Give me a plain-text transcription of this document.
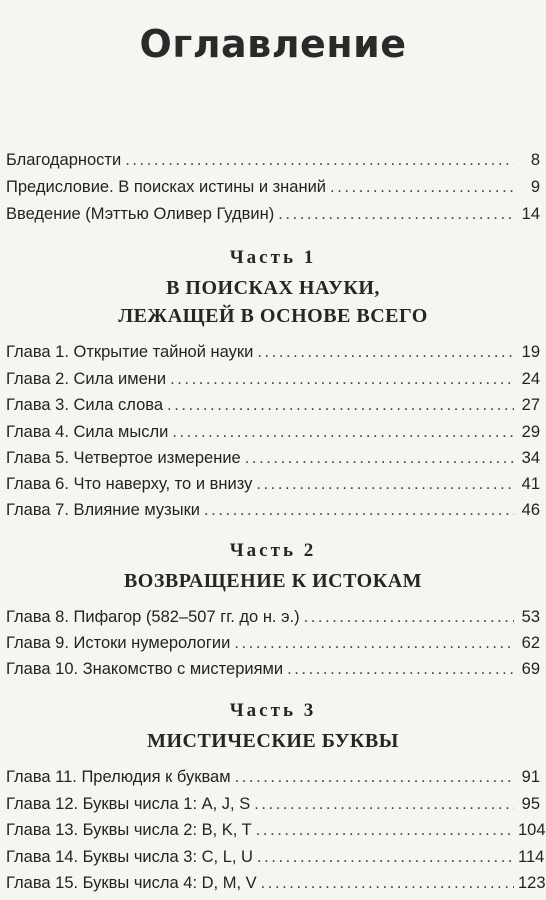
Оглавление
Благодарности . . .	8
Предисловие. В поисках истины и знаний . . .	9
Введение (Мэттью Оливер Гудвин) . . .	14
Часть 1
В ПОИСКАХ НАУКИ,
ЛЕЖАЩЕЙ В ОСНОВЕ ВСЕГО
Глава 1. Открытие тайной науки . . .	19
Глава 2. Сила имени . . .	24
Глава 3. Сила слова . . .	27
Глава 4. Сила мысли . . .	29
Глава 5. Четвертое измерение . . .	34
Глава 6. Что наверху, то и внизу . . .	41
Глава 7. Влияние музыки . . .	46
Часть 2
ВОЗВРАЩЕНИЕ К ИСТОКАМ
Глава 8. Пифагор (582–507 гг. до н. э.) . . .	53
Глава 9. Истоки нумерологии . . .	62
Глава 10. Знакомство с мистериями . . .	69
Часть 3
МИСТИЧЕСКИЕ БУКВЫ
Глава 11. Прелюдия к буквам . . .	91
Глава 12. Буквы числа 1: A, J, S . . .	95
Глава 13. Буквы числа 2: B, K, T . . .	104
Глава 14. Буквы числа 3: C, L, U . . .	114
Глава 15. Буквы числа 4: D, M, V . . .	123
